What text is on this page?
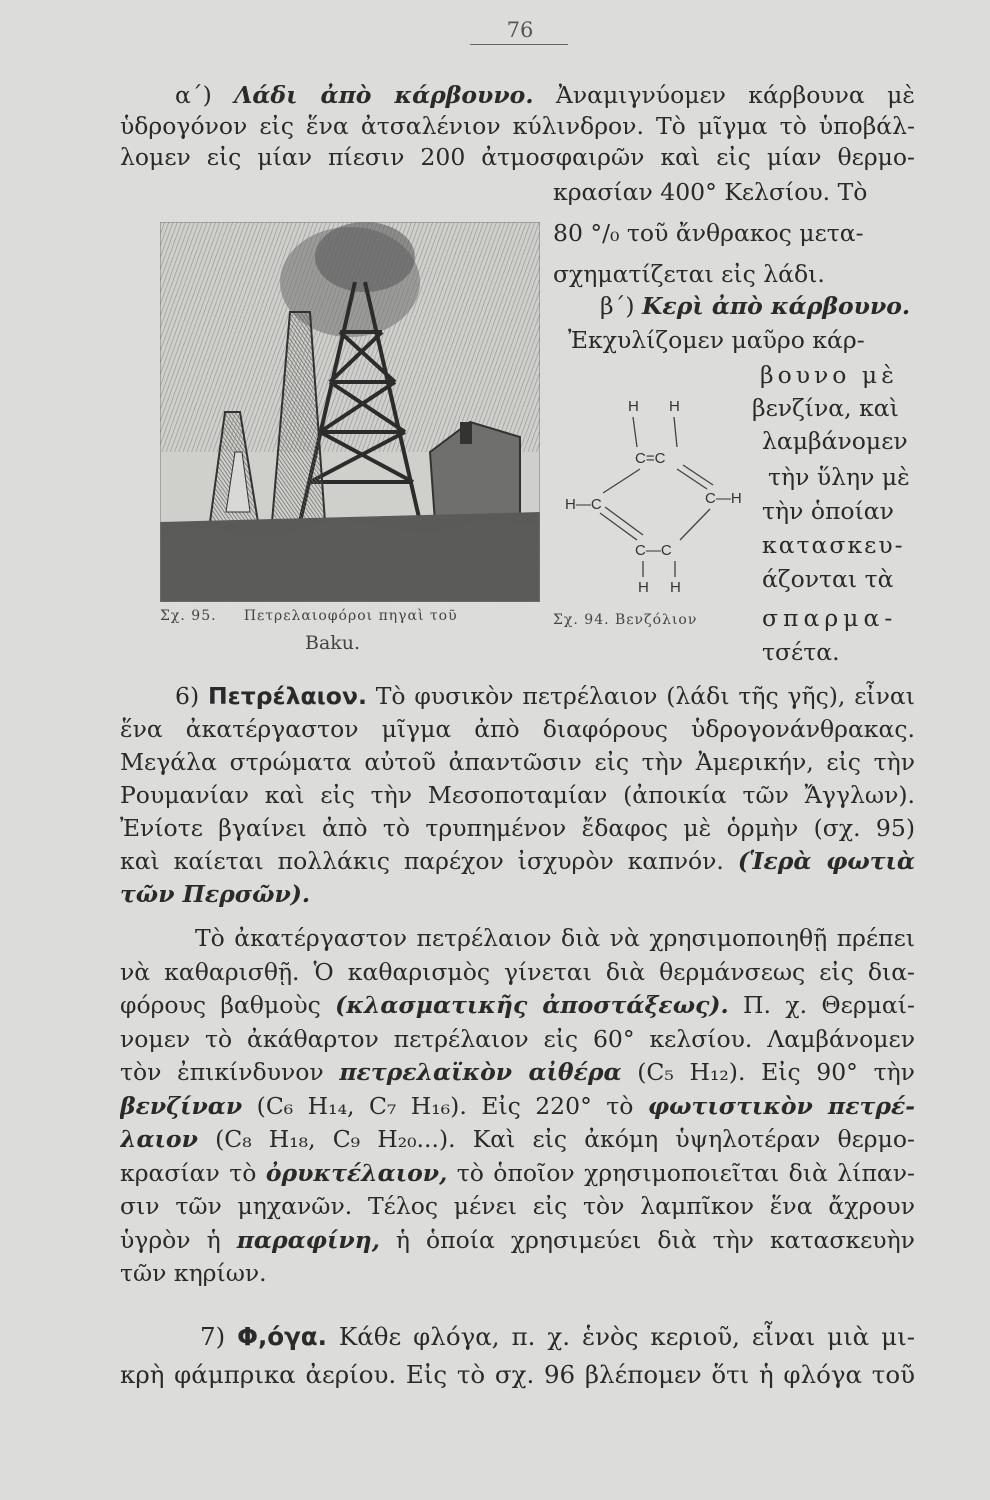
76
α΄) Λάδι ἀπὸ κάρβουνο. Ἀναμιγνύομεν κάρβουνα μὲ
ὑδρογόνον εἰς ἕνα ἀτσαλένιον κύλινδρον. Τὸ μῖγμα τὸ ὑποβάλ-
λομεν εἰς μίαν πίεσιν 200 ἀτμοσφαιρῶν καὶ εἰς μίαν θερμο-
κρασίαν 400° Κελσίου. Τὸ
80 °/₀ τοῦ ἄνθρακος μετα-
σχηματίζεται εἰς λάδι.
β΄) Κερὶ ἀπὸ κάρβουνο.
Ἐκχυλίζομεν μαῦρο κάρ-
βουνο μὲ
βενζίνα, καὶ
λαμβάνομεν
τὴν ὕλην μὲ
τὴν ὁποίαν
κατασκευ-
άζονται τὰ
σπαρμα-
τσέτα.
Σχ. 95. Πετρελαιοφόροι πηγαὶ τοῦ
Baku.
H H
C=C
H—C	C—H
C—C
H H
Σχ. 94. Βενζόλιον
6) Πετρέλαιον. Τὸ φυσικὸν πετρέλαιον (λάδι τῆς γῆς), εἶναι
ἕνα ἀκατέργαστον μῖγμα ἀπὸ διαφόρους ὑδρογονάνθρακας.
Μεγάλα στρώματα αὐτοῦ ἀπαντῶσιν εἰς τὴν Ἀμερικήν, εἰς τὴν
Ρουμανίαν καὶ εἰς τὴν Μεσοποταμίαν (ἀποικία τῶν Ἄγγλων).
Ἐνίοτε βγαίνει ἀπὸ τὸ τρυπημένον ἔδαφος μὲ ὁρμὴν (σχ. 95)
καὶ καίεται πολλάκις παρέχον ἰσχυρὸν καπνόν. (Ἱερὰ φωτιὰ
τῶν Περσῶν).
Τὸ ἀκατέργαστον πετρέλαιον διὰ νὰ χρησιμοποιηθῇ πρέπει
νὰ καθαρισθῇ. Ὁ καθαρισμὸς γίνεται διὰ θερμάνσεως εἰς δια-
φόρους βαθμοὺς (κλασματικῆς ἀποστάξεως). Π. χ. Θερμαί-
νομεν τὸ ἀκάθαρτον πετρέλαιον εἰς 60° κελσίου. Λαμβάνομεν
τὸν ἐπικίνδυνον πετρελαϊκὸν αἰθέρα (C₅ H₁₂). Εἰς 90° τὴν
βενζίναν (C₆ H₁₄, C₇ H₁₆). Εἰς 220° τὸ φωτιστικὸν πετρέ-
λαιον (C₈ H₁₈, C₉ H₂₀...). Καὶ εἰς ἀκόμη ὑψηλοτέραν θερμο-
κρασίαν τὸ ὀρυκτέλαιον, τὸ ὁποῖον χρησιμοποιεῖται διὰ λίπαν-
σιν τῶν μηχανῶν. Τέλος μένει εἰς τὸν λαμπῖκον ἕνα ἄχρουν
ὑγρὸν ἡ παραφίνη, ἡ ὁποία χρησιμεύει διὰ τὴν κατασκευὴν
τῶν κηρίων.
7) Φ,όγα. Κάθε φλόγα, π. χ. ἑνὸς κεριοῦ, εἶναι μιὰ μι-
κρὴ φάμπρικα ἀερίου. Εἰς τὸ σχ. 96 βλέπομεν ὅτι ἡ φλόγα τοῦ
